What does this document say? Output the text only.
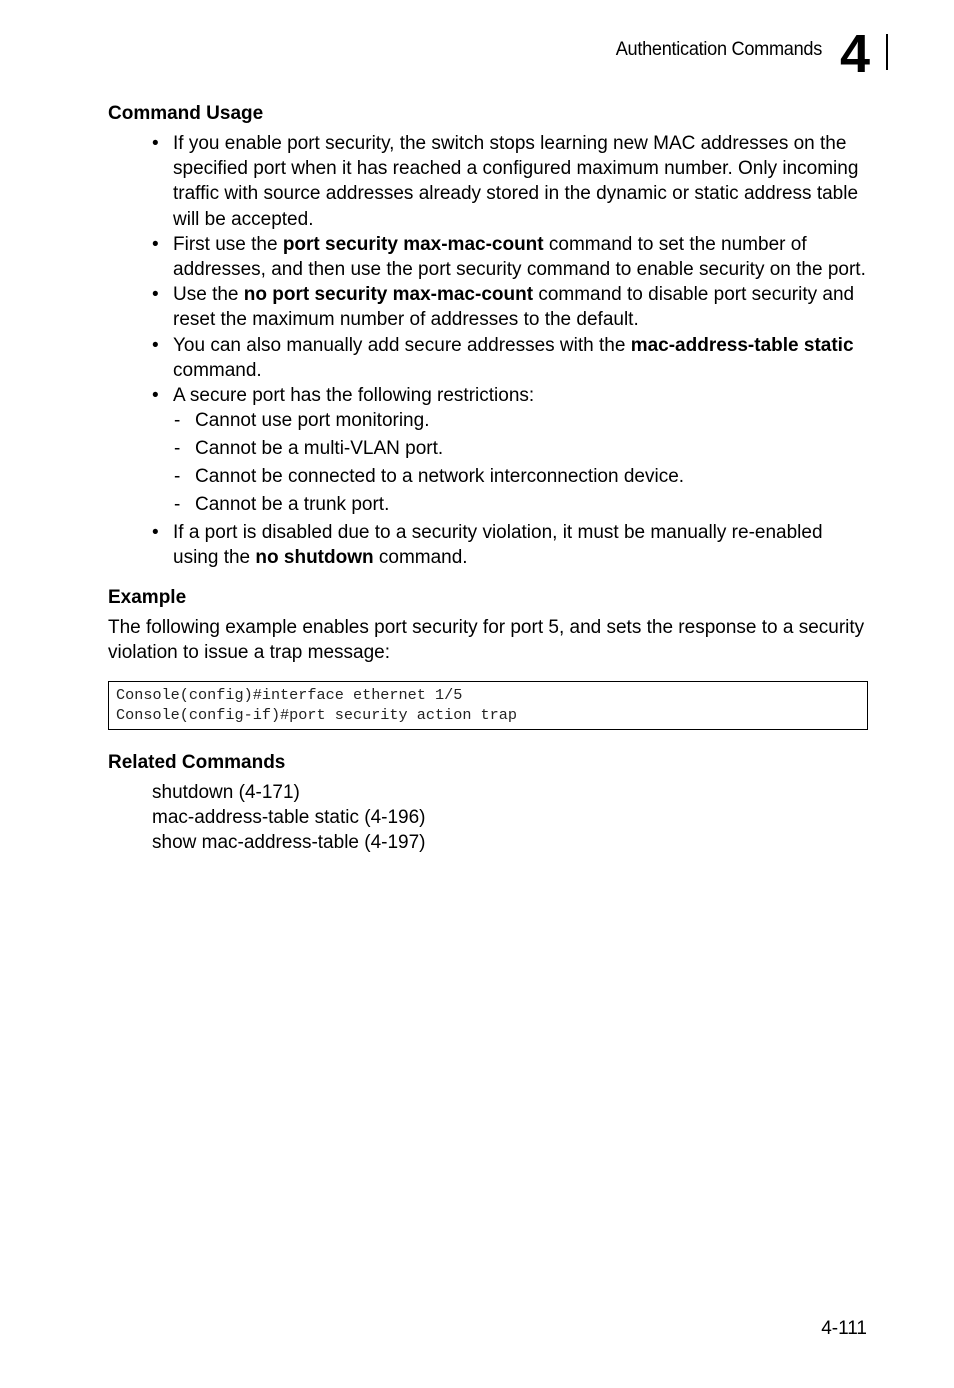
Authentication Commands 4
Command Usage
• If you enable port security, the switch stops learning new MAC addresses on the specified port when it has reached a configured maximum number. Only incoming traffic with source addresses already stored in the dynamic or static address table will be accepted.
• First use the port security max-mac-count command to set the number of addresses, and then use the port security command to enable security on the port.
• Use the no port security max-mac-count command to disable port security and reset the maximum number of addresses to the default.
• You can also manually add secure addresses with the mac-address-table static command.
• A secure port has the following restrictions:
- Cannot use port monitoring.
- Cannot be a multi-VLAN port.
- Cannot be connected to a network interconnection device.
- Cannot be a trunk port.
• If a port is disabled due to a security violation, it must be manually re-enabled using the no shutdown command.
Example

The following example enables port security for port 5, and sets the response to a security violation to issue a trap message:

Console(config)#interface ethernet 1/5
Console(config-if)#port security action trap
Related Commands
shutdown (4-171)
mac-address-table static (4-196)
show mac-address-table (4-197)
4-111
